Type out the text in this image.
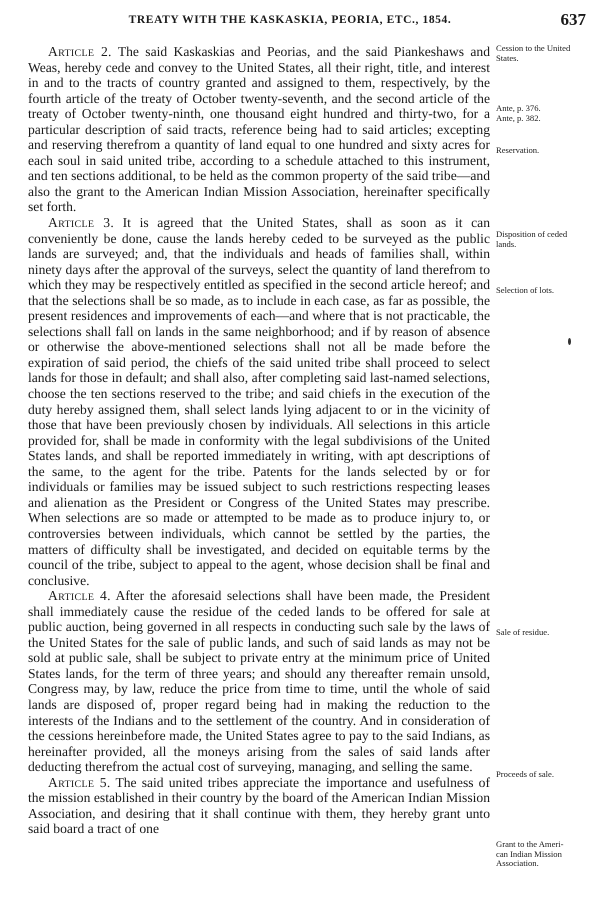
TREATY WITH THE KASKASKIA, PEORIA, ETC., 1854.	637

Article 2. The said Kaskaskias and Peorias, and the said Piankeshaws and Weas, hereby cede and convey to the United States, all their right, title, and interest in and to the tracts of country granted and assigned to them, respectively, by the fourth article of the treaty of October twenty-seventh, and the second article of the treaty of October twenty-ninth, one thousand eight hundred and thirty-two, for a particular description of said tracts, reference being had to said articles; excepting and reserving therefrom a quantity of land equal to one hundred and sixty acres for each soul in said united tribe, according to a schedule attached to this instrument, and ten sections additional, to be held as the common property of the said tribe—and also the grant to the American Indian Mission Association, hereinafter specifically set forth.

Article 3. It is agreed that the United States, shall as soon as it can conveniently be done, cause the lands hereby ceded to be surveyed as the public lands are surveyed; and, that the individuals and heads of families shall, within ninety days after the approval of the surveys, select the quantity of land therefrom to which they may be respectively entitled as specified in the second article hereof; and that the selections shall be so made, as to include in each case, as far as possible, the present residences and improvements of each—and where that is not practicable, the selections shall fall on lands in the same neighborhood; and if by reason of absence or otherwise the above-mentioned selections shall not all be made before the expiration of said period, the chiefs of the said united tribe shall proceed to select lands for those in default; and shall also, after completing said last-named selections, choose the ten sections reserved to the tribe; and said chiefs in the execution of the duty hereby assigned them, shall select lands lying adjacent to or in the vicinity of those that have been previously chosen by individuals. All selections in this article provided for, shall be made in conformity with the legal subdivisions of the United States lands, and shall be reported immediately in writing, with apt descriptions of the same, to the agent for the tribe. Patents for the lands selected by or for individuals or families may be issued subject to such restrictions respecting leases and alienation as the President or Congress of the United States may prescribe. When selections are so made or attempted to be made as to produce injury to, or controversies between individuals, which cannot be settled by the parties, the matters of difficulty shall be investigated, and decided on equitable terms by the council of the tribe, subject to appeal to the agent, whose decision shall be final and conclusive.

Article 4. After the aforesaid selections shall have been made, the President shall immediately cause the residue of the ceded lands to be offered for sale at public auction, being governed in all respects in conducting such sale by the laws of the United States for the sale of public lands, and such of said lands as may not be sold at public sale, shall be subject to private entry at the minimum price of United States lands, for the term of three years; and should any thereafter remain unsold, Congress may, by law, reduce the price from time to time, until the whole of said lands are disposed of, proper regard being had in making the reduction to the interests of the Indians and to the settlement of the country. And in consideration of the cessions hereinbefore made, the United States agree to pay to the said Indians, as hereinafter provided, all the moneys arising from the sales of said lands after deducting therefrom the actual cost of surveying, managing, and selling the same.

Article 5. The said united tribes appreciate the importance and usefulness of the mission established in their country by the board of the American Indian Mission Association, and desiring that it shall continue with them, they hereby grant unto said board a tract of one

Cession to the United
States.
Ante, p. 376.
Ante, p. 382.
Reservation.
Disposition of ceded
lands.
Selection of lots.
Sale of residue.
Proceeds of sale.
Grant to the Ameri-
can Indian Mission
Association.
